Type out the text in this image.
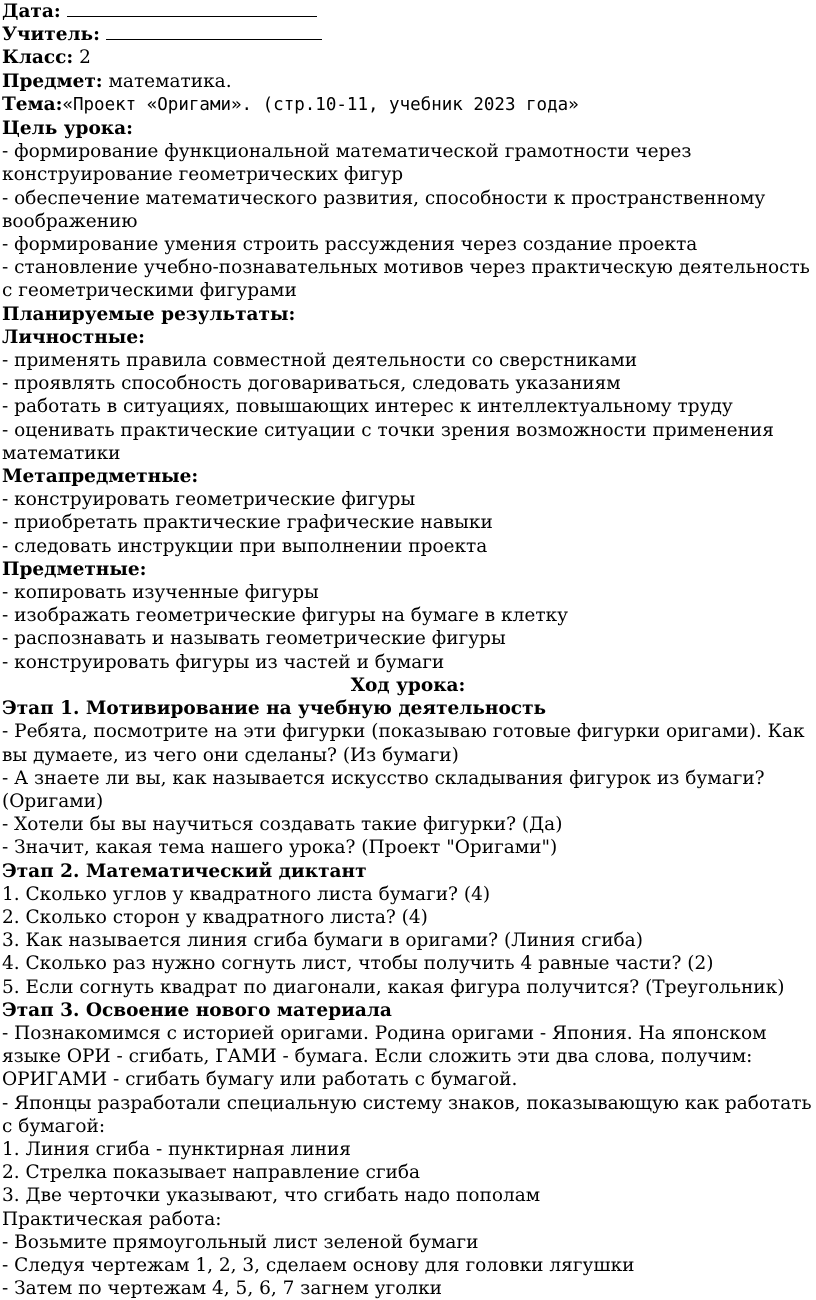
Дата:
Учитель:
Класс: 2
Предмет: математика.
Тема:«Проект «Оригами». (стр.10-11, учебник 2023 года»
Цель урока:
- формирование функциональной математической грамотности через конструирование геометрических фигур
- обеспечение математического развития, способности к пространственному воображению
- формирование умения строить рассуждения через создание проекта
- становление учебно-познавательных мотивов через практическую деятельность с геометрическими фигурами
Планируемые результаты:
Личностные:
- применять правила совместной деятельности со сверстниками
- проявлять способность договариваться, следовать указаниям
- работать в ситуациях, повышающих интерес к интеллектуальному труду
- оценивать практические ситуации с точки зрения возможности применения математики
Метапредметные:
- конструировать геометрические фигуры
- приобретать практические графические навыки
- следовать инструкции при выполнении проекта
Предметные:
- копировать изученные фигуры
- изображать геометрические фигуры на бумаге в клетку
- распознавать и называть геометрические фигуры
- конструировать фигуры из частей и бумаги
Ход урока:
Этап 1. Мотивирование на учебную деятельность
- Ребята, посмотрите на эти фигурки (показываю готовые фигурки оригами). Как вы думаете, из чего они сделаны? (Из бумаги)
- А знаете ли вы, как называется искусство складывания фигурок из бумаги? (Оригами)
- Хотели бы вы научиться создавать такие фигурки? (Да)
- Значит, какая тема нашего урока? (Проект "Оригами")
Этап 2. Математический диктант
1. Сколько углов у квадратного листа бумаги? (4)
2. Сколько сторон у квадратного листа? (4)
3. Как называется линия сгиба бумаги в оригами? (Линия сгиба)
4. Сколько раз нужно согнуть лист, чтобы получить 4 равные части? (2)
5. Если согнуть квадрат по диагонали, какая фигура получится? (Треугольник)
Этап 3. Освоение нового материала
- Познакомимся с историей оригами. Родина оригами - Япония. На японском языке ОРИ - сгибать, ГАМИ - бумага. Если сложить эти два слова, получим: ОРИГАМИ - сгибать бумагу или работать с бумагой.
- Японцы разработали специальную систему знаков, показывающую как работать с бумагой:
1. Линия сгиба - пунктирная линия
2. Стрелка показывает направление сгиба
3. Две черточки указывают, что сгибать надо пополам
Практическая работа:
- Возьмите прямоугольный лист зеленой бумаги
- Следуя чертежам 1, 2, 3, сделаем основу для головки лягушки
- Затем по чертежам 4, 5, 6, 7 загнем уголки
